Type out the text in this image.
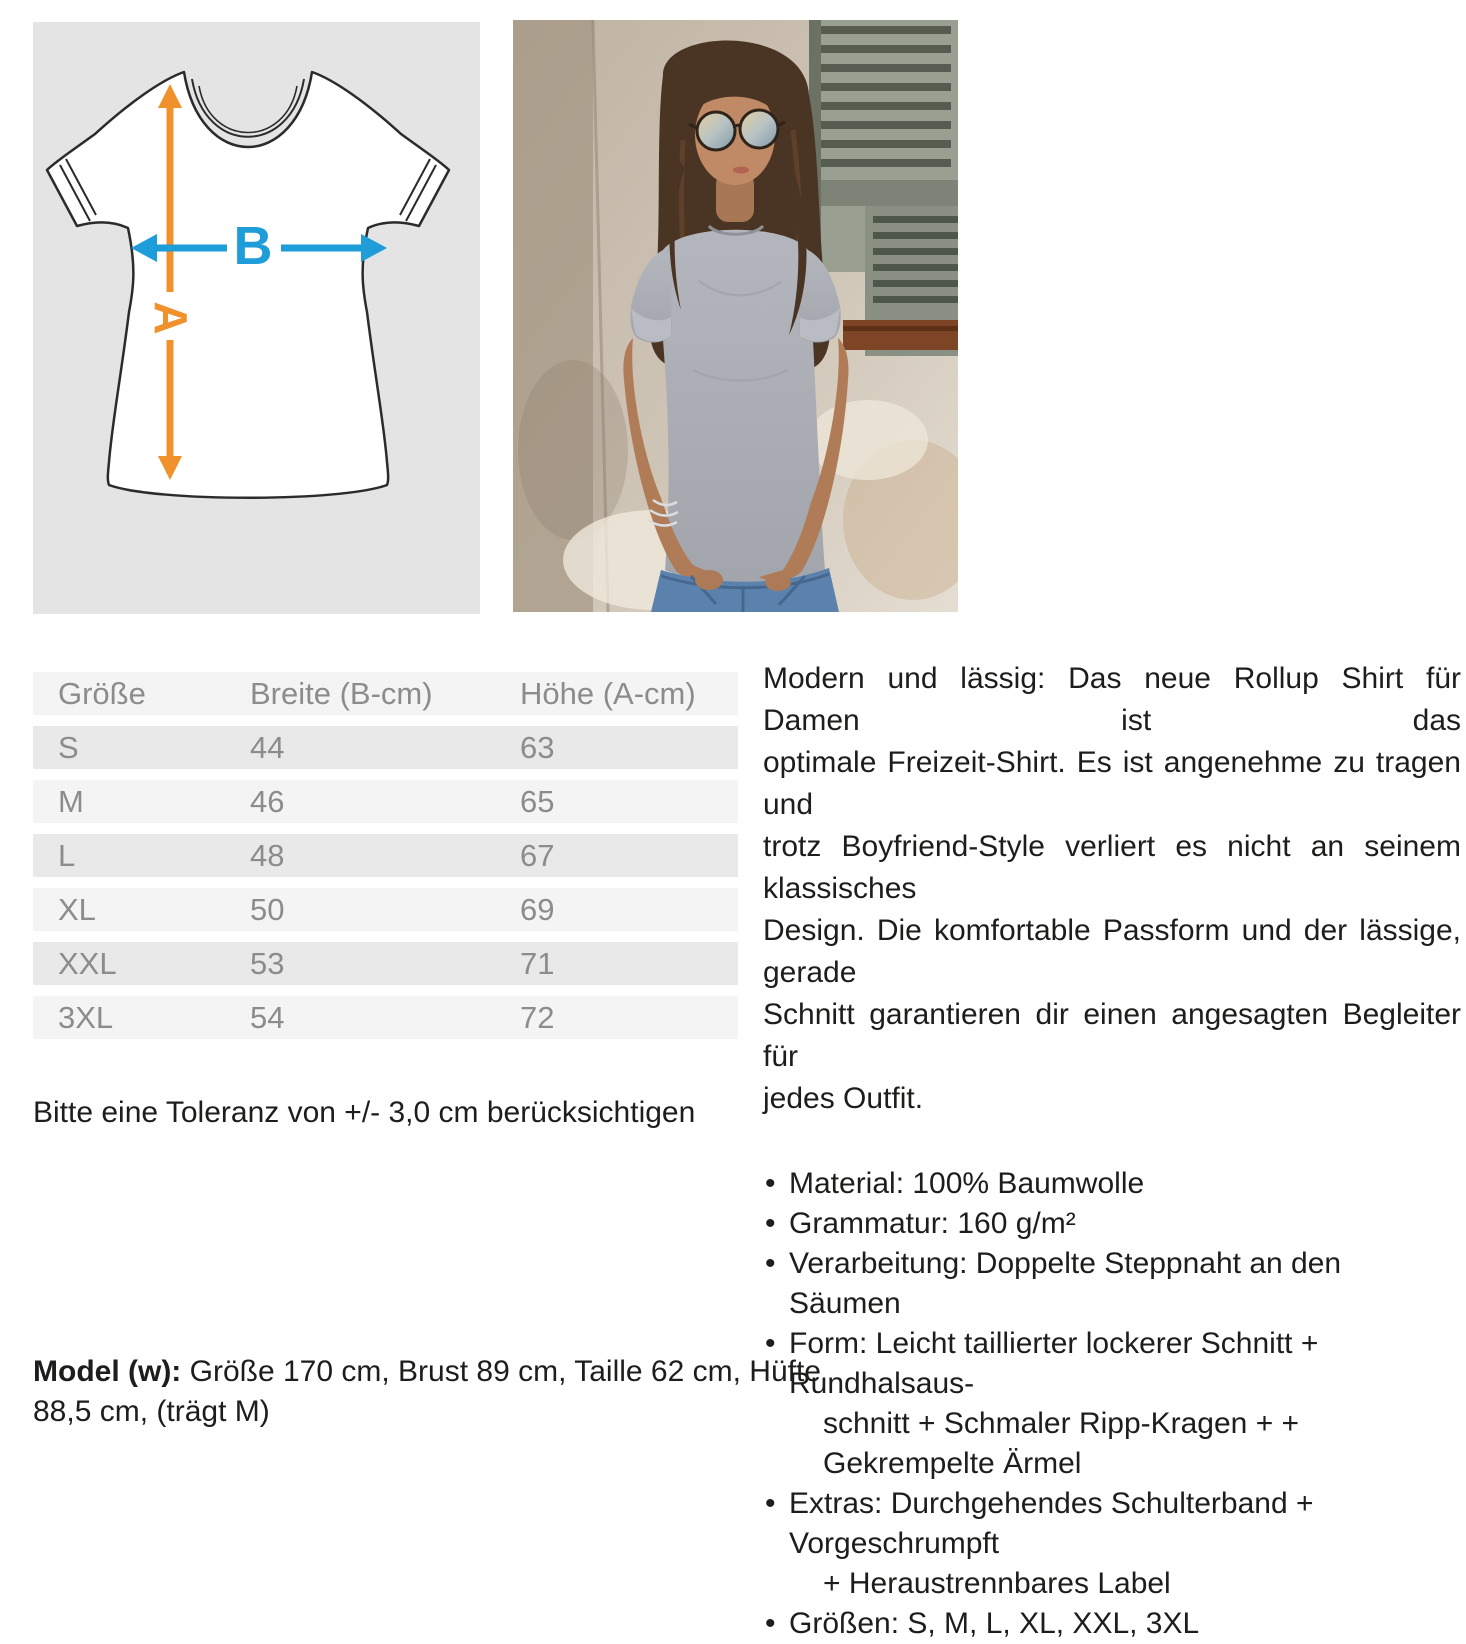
A
B
Größe	Breite (B-cm)	Höhe (A-cm)
S	44	63
M	46	65
L	48	67
XL	50	69
XXL	53	71
3XL	54	72
Bitte eine Toleranz von +/- 3,0 cm berücksichtigen
Modern und lässig: Das neue Rollup Shirt für Damen ist das
optimale Freizeit-Shirt. Es ist angenehme zu tragen und
trotz Boyfriend-Style verliert es nicht an seinem klassisches
Design. Die komfortable Passform und der lässige, gerade
Schnitt garantieren dir einen angesagten Begleiter für
jedes Outfit.
• Material: 100% Baumwolle
• Grammatur: 160 g/m²
• Verarbeitung: Doppelte Steppnaht an den Säumen
• Form: Leicht taillierter lockerer Schnitt + Rundhalsaus-
schnitt + Schmaler Ripp-Kragen + + Gekrempelte Ärmel
• Extras: Durchgehendes Schulterband + Vorgeschrumpft
+ Heraustrennbares Label
• Größen: S, M, L, XL, XXL, 3XL
Model (w): Größe 170 cm, Brust 89 cm, Taille 62 cm, Hüfte
88,5 cm, (trägt M)
